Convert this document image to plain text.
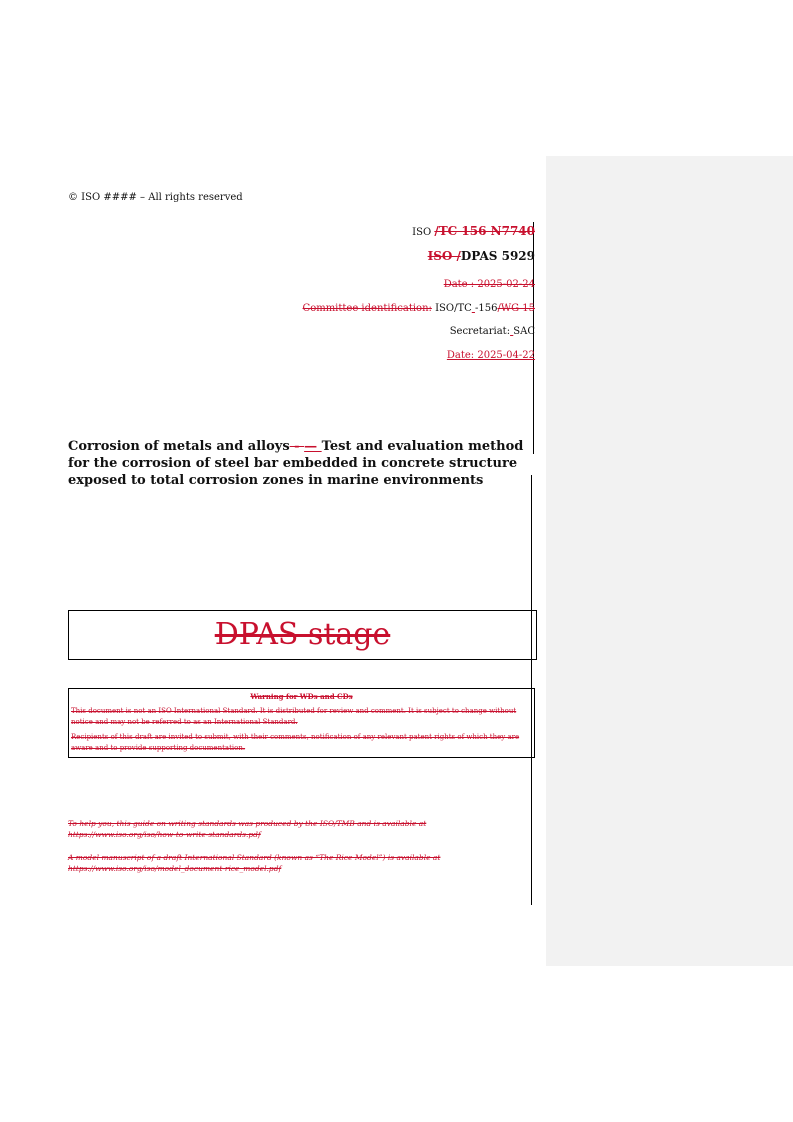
© ISO #### – All rights reserved
ISO /TC 156 N7740
ISO /DPAS 5929
Date : 2025-02-24
Committee identification: ISO/TC -156/WG 15
Secretariat: SAC
Date: 2025-04-22
Corrosion of metals and alloys - — Test and evaluation method for the corrosion of steel bar embedded in concrete structure exposed to total corrosion zones in marine environments
DPAS stage
Warning for WDs and CDs

This document is not an ISO International Standard. It is distributed for review and comment. It is subject to change without notice and may not be referred to as an International Standard.

Recipients of this draft are invited to submit, with their comments, notification of any relevant patent rights of which they are aware and to provide supporting documentation.

To help you, this guide on writing standards was produced by the ISO/TMB and is available at
https://www.iso.org/iso/how-to-write-standards.pdf
A model manuscript of a draft International Standard (known as “The Rice Model”) is available at
https://www.iso.org/iso/model_document-rice_model.pdf
